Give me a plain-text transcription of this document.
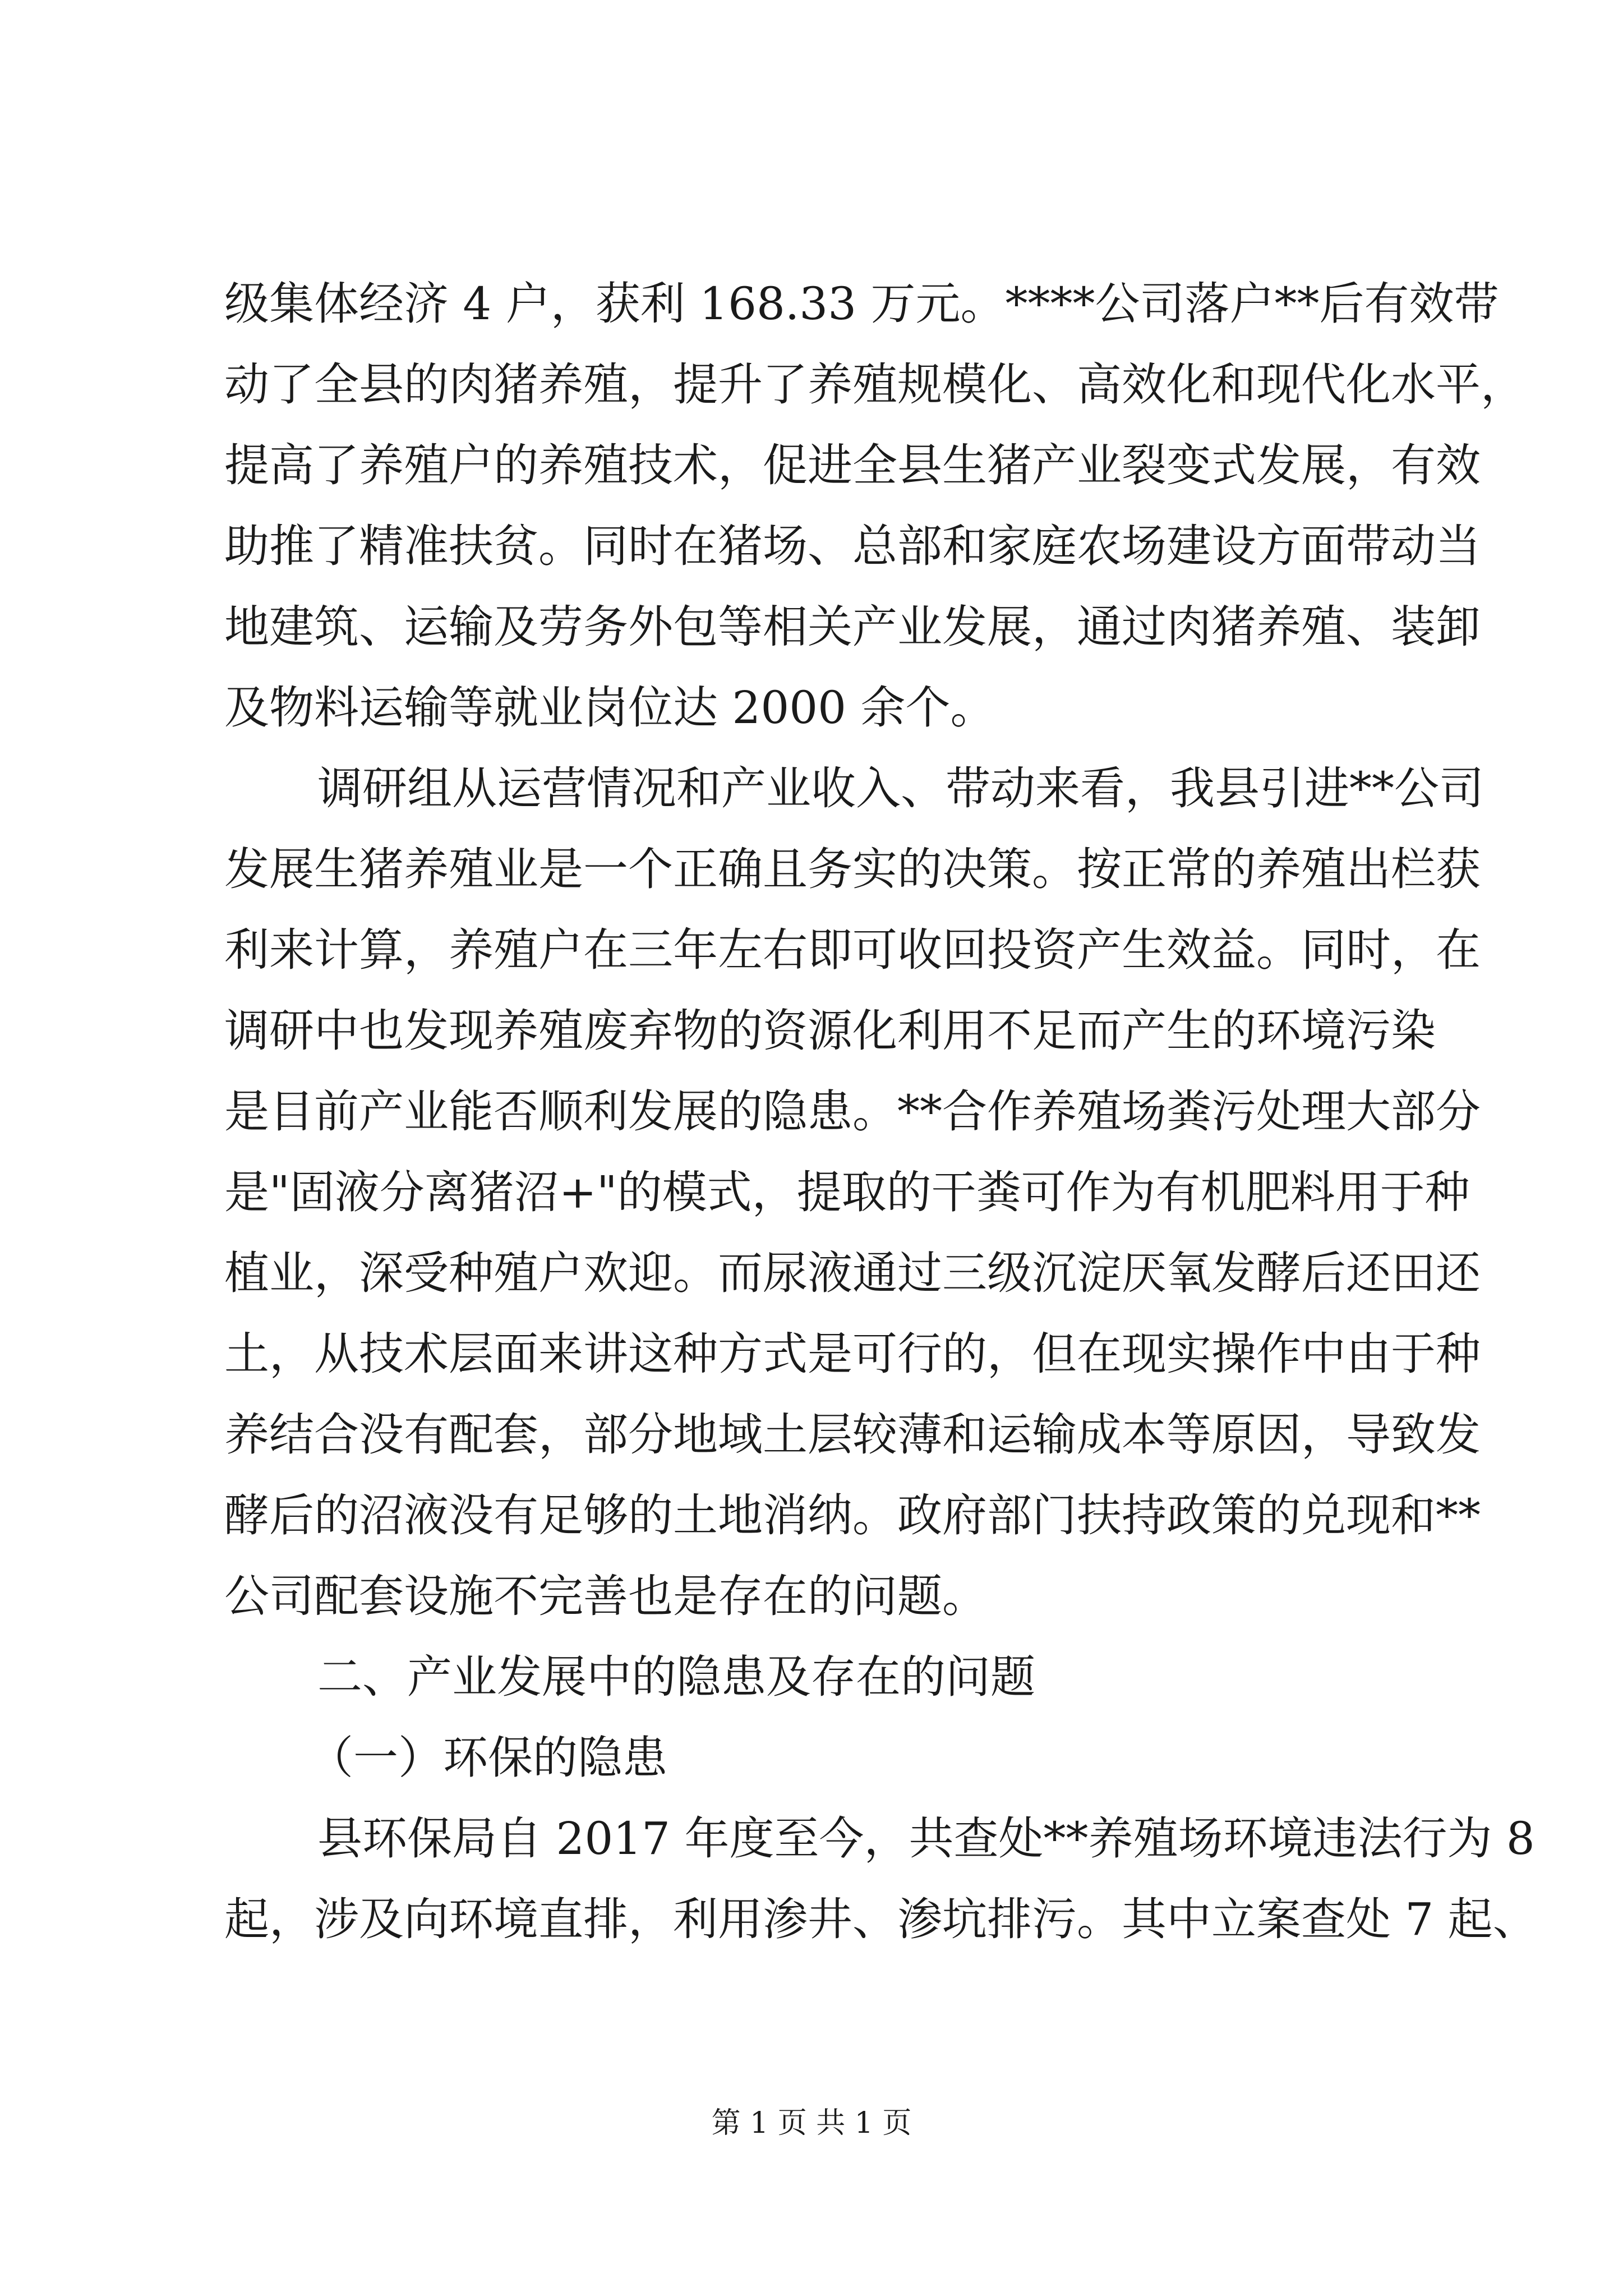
级集体经济 4 户，获利 168.33 万元。****公司落户**后有效带
动了全县的肉猪养殖，提升了养殖规模化、高效化和现代化水平，
提高了养殖户的养殖技术，促进全县生猪产业裂变式发展，有效
助推了精准扶贫。同时在猪场、总部和家庭农场建设方面带动当
地建筑、运输及劳务外包等相关产业发展，通过肉猪养殖、装卸
及物料运输等就业岗位达 2000 余个。
调研组从运营情况和产业收入、带动来看，我县引进**公司
发展生猪养殖业是一个正确且务实的决策。按正常的养殖出栏获
利来计算，养殖户在三年左右即可收回投资产生效益。同时，在
调研中也发现养殖废弃物的资源化利用不足而产生的环境污染
是目前产业能否顺利发展的隐患。**合作养殖场粪污处理大部分
是"固液分离猪沼+"的模式，提取的干粪可作为有机肥料用于种
植业，深受种殖户欢迎。而尿液通过三级沉淀厌氧发酵后还田还
土，从技术层面来讲这种方式是可行的，但在现实操作中由于种
养结合没有配套，部分地域土层较薄和运输成本等原因，导致发
酵后的沼液没有足够的土地消纳。政府部门扶持政策的兑现和**
公司配套设施不完善也是存在的问题。
二、产业发展中的隐患及存在的问题
（一）环保的隐患
县环保局自 2017 年度至今，共查处**养殖场环境违法行为 8
起，涉及向环境直排，利用渗井、渗坑排污。其中立案查处 7 起、
第 1 页 共 1 页
